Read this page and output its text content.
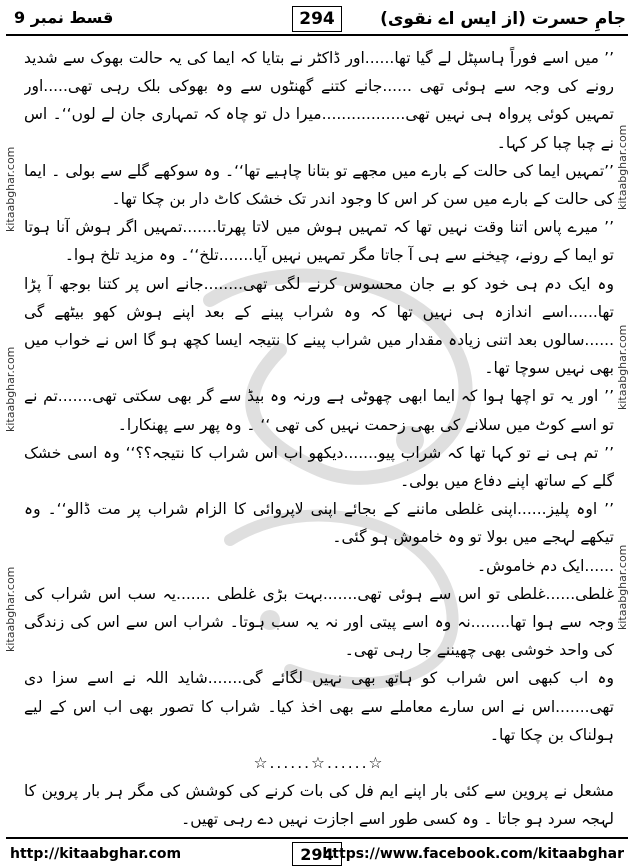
جامِ حسرت (از ایس اے نقوی)
294
قسط نمبر 9
kitaabghar.com
kitaabghar.com
kitaabghar.com
kitaabghar.com
kitaabghar.com
kitaabghar.com

’’ میں اسے فوراً ہاسپٹل لے گیا تھا......اور ڈاکٹر نے بتایا کہ ایما کی یہ حالت بھوک سے شدید رونے کی وجہ سے ہوئی تھی ......جانے کتنے گھنٹوں سے وہ بھوکی بلک رہی تھی.....اور تمہیں کوئی پرواہ ہی نہیں تھی.................میرا دل تو چاہ کہ تمہاری جان لے لوں‘‘۔ اس نے چبا چبا کر کہا۔

’’تمہیں ایما کی حالت کے بارے میں مجھے تو بتانا چاہیے تھا‘‘۔ وہ سوکھے گلے سے بولی ۔ ایما کی حالت کے بارے میں سن کر اس کا وجود اندر تک خشک کاٹ دار بن چکا تھا۔

’’ میرے پاس اتنا وقت نہیں تھا کہ تمہیں ہوش میں لاتا پھرتا.......تمہیں اگر ہوش آنا ہوتا تو ایما کے رونے، چیخنے سے ہی آ جاتا مگر تمہیں نہیں آیا.......تلخ‘‘۔ وہ مزید تلخ ہوا۔

وہ ایک دم ہی خود کو بے جان محسوس کرنے لگی تھی........جانے اس پر کتنا بوجھ آ پڑا تھا......اسے اندازہ ہی نہیں تھا کہ وہ شراب پینے کے بعد اپنے ہوش کھو بیٹھے گی ......سالوں بعد اتنی زیادہ مقدار میں شراب پینے کا نتیجہ ایسا کچھ ہو گا اس نے خواب میں بھی نہیں سوچا تھا۔

’’ اور یہ تو اچھا ہوا کہ ایما ابھی چھوٹی ہے ورنہ وہ بیڈ سے گر بھی سکتی تھی.......تم نے تو اسے کوٹ میں سلانے کی بھی زحمت نہیں کی تھی ‘‘ ۔ وہ پھر سے پھنکارا۔

’’ تم ہی نے تو کہا تھا کہ شراب پیو.......دیکھو اب اس شراب کا نتیجہ؟؟‘‘ وہ اسی خشک گلے کے ساتھ اپنے دفاع میں بولی۔

’’ اوہ پلیز......اپنی غلطی ماننے کے بجائے اپنی لاپروائی کا الزام شراب پر مت ڈالو‘‘۔ وہ تیکھے لہجے میں بولا تو وہ خاموش ہو گئی۔

......ایک دم خاموش۔

غلطی......غلطی تو اس سے ہوئی تھی.......بہت بڑی غلطی .......یہ سب اس شراب کی وجہ سے ہوا تھا........نہ وہ اسے پیتی اور نہ یہ سب ہوتا۔ شراب اس سے اس کی زندگی کی واحد خوشی بھی چھیننے جا رہی تھی۔

وہ اب کبھی اس شراب کو ہاتھ بھی نہیں لگائے گی.......شاید اللہ نے اسے سزا دی تھی.......اس نے اس سارے معاملے سے بھی اخذ کیا۔ شراب کا تصور بھی اب اس کے لیے ہولناک بن چکا تھا۔

☆......☆......☆

مشعل نے پروین سے کئی بار اپنے ایم فل کی بات کرنے کی کوشش کی مگر ہر بار پروین کا لہجہ سرد ہو جاتا ۔ وہ کسی طور اسے اجازت نہیں دے رہی تھیں۔

http://kitaabghar.com	294
https://www.facebook.com/kitaabghar
